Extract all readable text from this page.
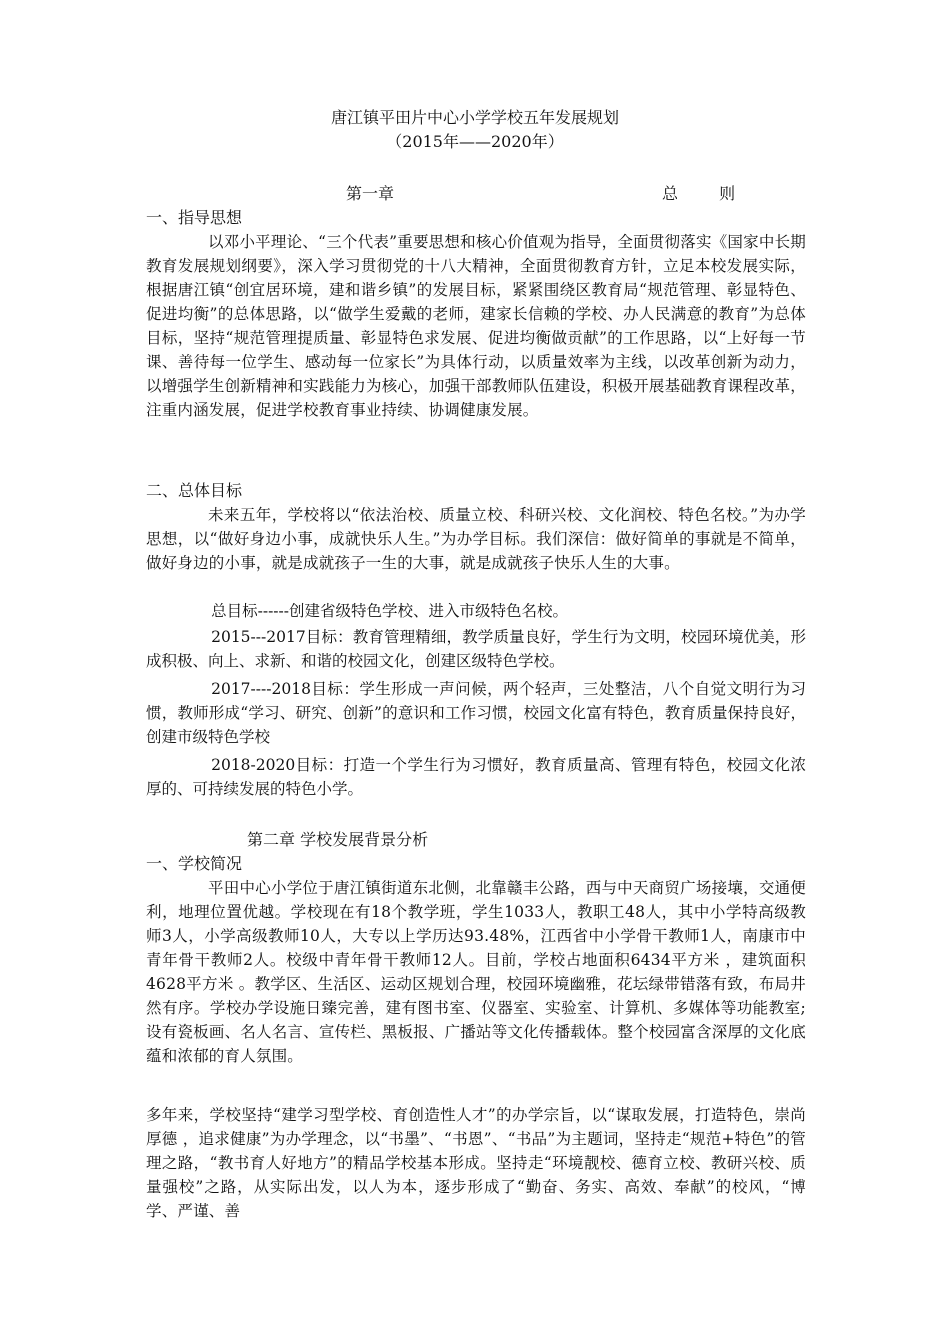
唐江镇平田片中心小学学校五年发展规划
（2015年——2020年）
第一章	总 则
一、指导思想
以邓小平理论、“三个代表”重要思想和核心价值观为指导，全面贯彻落实《国家中长期教育发展规划纲要》，深入学习贯彻党的十八大精神，全面贯彻教育方针，立足本校发展实际，根据唐江镇“创宜居环境，建和谐乡镇”的发展目标，紧紧围绕区教育局“规范管理、彰显特色、促进均衡”的总体思路，以“做学生爱戴的老师，建家长信赖的学校、办人民满意的教育”为总体目标，坚持“规范管理提质量、彰显特色求发展、促进均衡做贡献”的工作思路，以“上好每一节课、善待每一位学生、感动每一位家长”为具体行动，以质量效率为主线，以改革创新为动力，以增强学生创新精神和实践能力为核心，加强干部教师队伍建设，积极开展基础教育课程改革，注重内涵发展，促进学校教育事业持续、协调健康发展。
二、总体目标
未来五年，学校将以“依法治校、质量立校、科研兴校、文化润校、特色名校。”为办学思想，以“做好身边小事，成就快乐人生。”为办学目标。我们深信：做好简单的事就是不简单，做好身边的小事，就是成就孩子一生的大事，就是成就孩子快乐人生的大事。
总目标------创建省级特色学校、进入市级特色名校。
2015---2017目标：教育管理精细，教学质量良好，学生行为文明，校园环境优美，形成积极、向上、求新、和谐的校园文化，创建区级特色学校。
2017----2018目标：学生形成一声问候，两个轻声，三处整洁，八个自觉文明行为习惯，教师形成“学习、研究、创新”的意识和工作习惯，校园文化富有特色，教育质量保持良好，创建市级特色学校
2018-2020目标：打造一个学生行为习惯好，教育质量高、管理有特色，校园文化浓厚的、可持续发展的特色小学。
第二章 学校发展背景分析
一、学校简况
平田中心小学位于唐江镇街道东北侧，北靠赣丰公路，西与中天商贸广场接壤，交通便利，地理位置优越。学校现在有18个教学班，学生1033人，教职工48人，其中小学特高级教师3人，小学高级教师10人，大专以上学历达93.48%，江西省中小学骨干教师1人，南康市中青年骨干教师2人。校级中青年骨干教师12人。目前，学校占地面积6434平方米 ，建筑面积4628平方米 。教学区、生活区、运动区规划合理，校园环境幽雅，花坛绿带错落有致，布局井然有序。学校办学设施日臻完善，建有图书室、仪器室、实验室、计算机、多媒体等功能教室;设有瓷板画、名人名言、宣传栏、黑板报、广播站等文化传播载体。整个校园富含深厚的文化底蕴和浓郁的育人氛围。
多年来，学校坚持“建学习型学校、育创造性人才”的办学宗旨，以“谋取发展，打造特色，崇尚厚德 ，追求健康”为办学理念，以“书墨”、“书恩”、“书品”为主题词，坚持走“规范+特色”的管理之路，“教书育人好地方”的精品学校基本形成。坚持走“环境靓校、德育立校、教研兴校、质量强校”之路，从实际出发，以人为本，逐步形成了“勤奋、务实、高效、奉献”的校风，“博学、严谨、善
